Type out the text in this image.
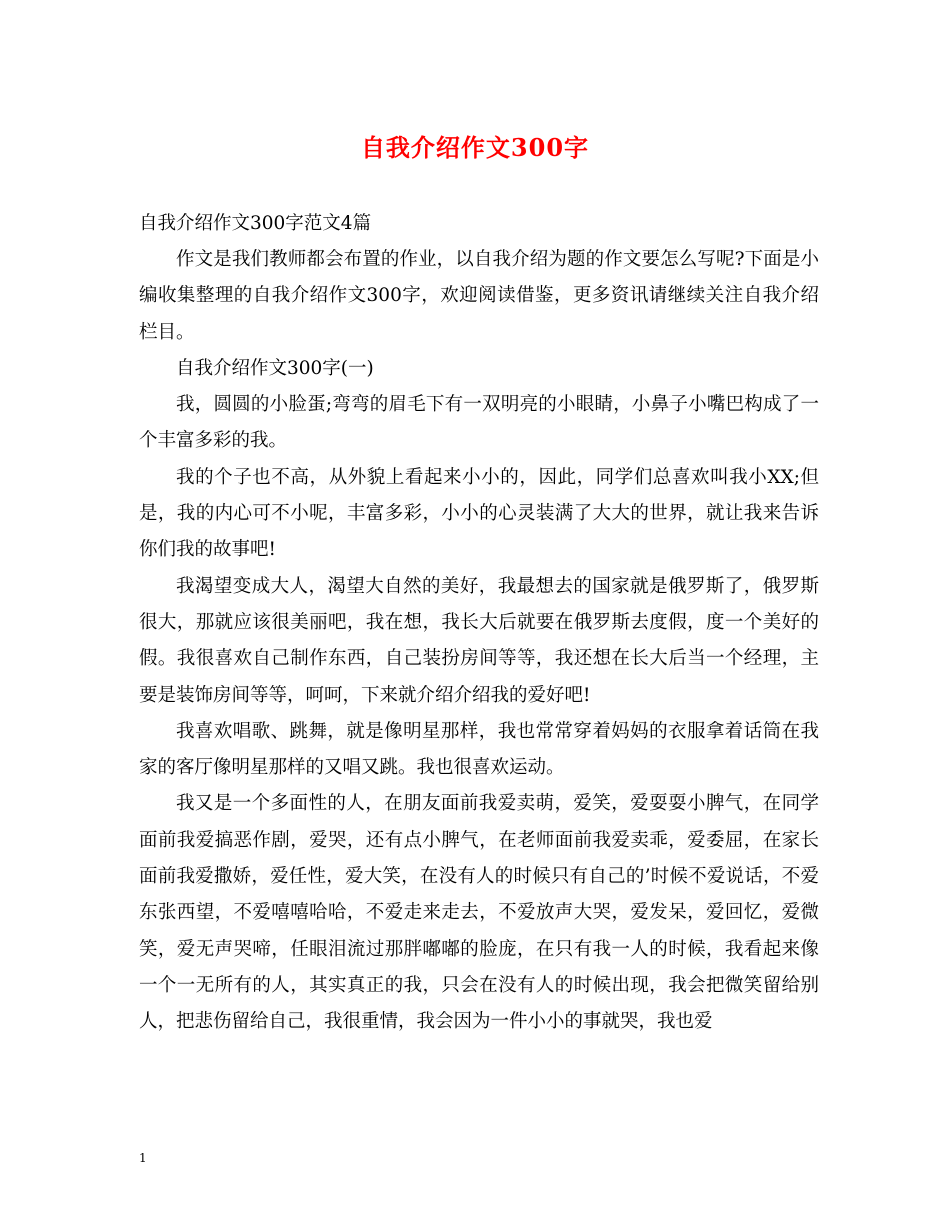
自我介绍作文300字
自我介绍作文300字范文4篇

作文是我们教师都会布置的作业，以自我介绍为题的作文要怎么写呢?下面是小编收集整理的自我介绍作文300字，欢迎阅读借鉴，更多资讯请继续关注自我介绍栏目。

自我介绍作文300字(一)

我，圆圆的小脸蛋;弯弯的眉毛下有一双明亮的小眼睛，小鼻子小嘴巴构成了一个丰富多彩的我。

我的个子也不高，从外貌上看起来小小的，因此，同学们总喜欢叫我小XX;但是，我的内心可不小呢，丰富多彩，小小的心灵装满了大大的世界，就让我来告诉你们我的故事吧!

我渴望变成大人，渴望大自然的美好，我最想去的国家就是俄罗斯了，俄罗斯很大，那就应该很美丽吧，我在想，我长大后就要在俄罗斯去度假，度一个美好的假。我很喜欢自己制作东西，自己装扮房间等等，我还想在长大后当一个经理，主要是装饰房间等等，呵呵，下来就介绍介绍我的爱好吧!

我喜欢唱歌、跳舞，就是像明星那样，我也常常穿着妈妈的衣服拿着话筒在我家的客厅像明星那样的又唱又跳。我也很喜欢运动。

我又是一个多面性的人，在朋友面前我爱卖萌，爱笑，爱耍耍小脾气，在同学面前我爱搞恶作剧，爱哭，还有点小脾气，在老师面前我爱卖乖，爱委屈，在家长面前我爱撒娇，爱任性，爱大笑，在没有人的时候只有自己的’时候不爱说话，不爱东张西望，不爱嘻嘻哈哈，不爱走来走去，不爱放声大哭，爱发呆，爱回忆，爱微笑，爱无声哭啼，任眼泪流过那胖嘟嘟的脸庞，在只有我一人的时候，我看起来像一个一无所有的人，其实真正的我，只会在没有人的时候出现，我会把微笑留给别人，把悲伤留给自己，我很重情，我会因为一件小小的事就哭，我也爱

1
